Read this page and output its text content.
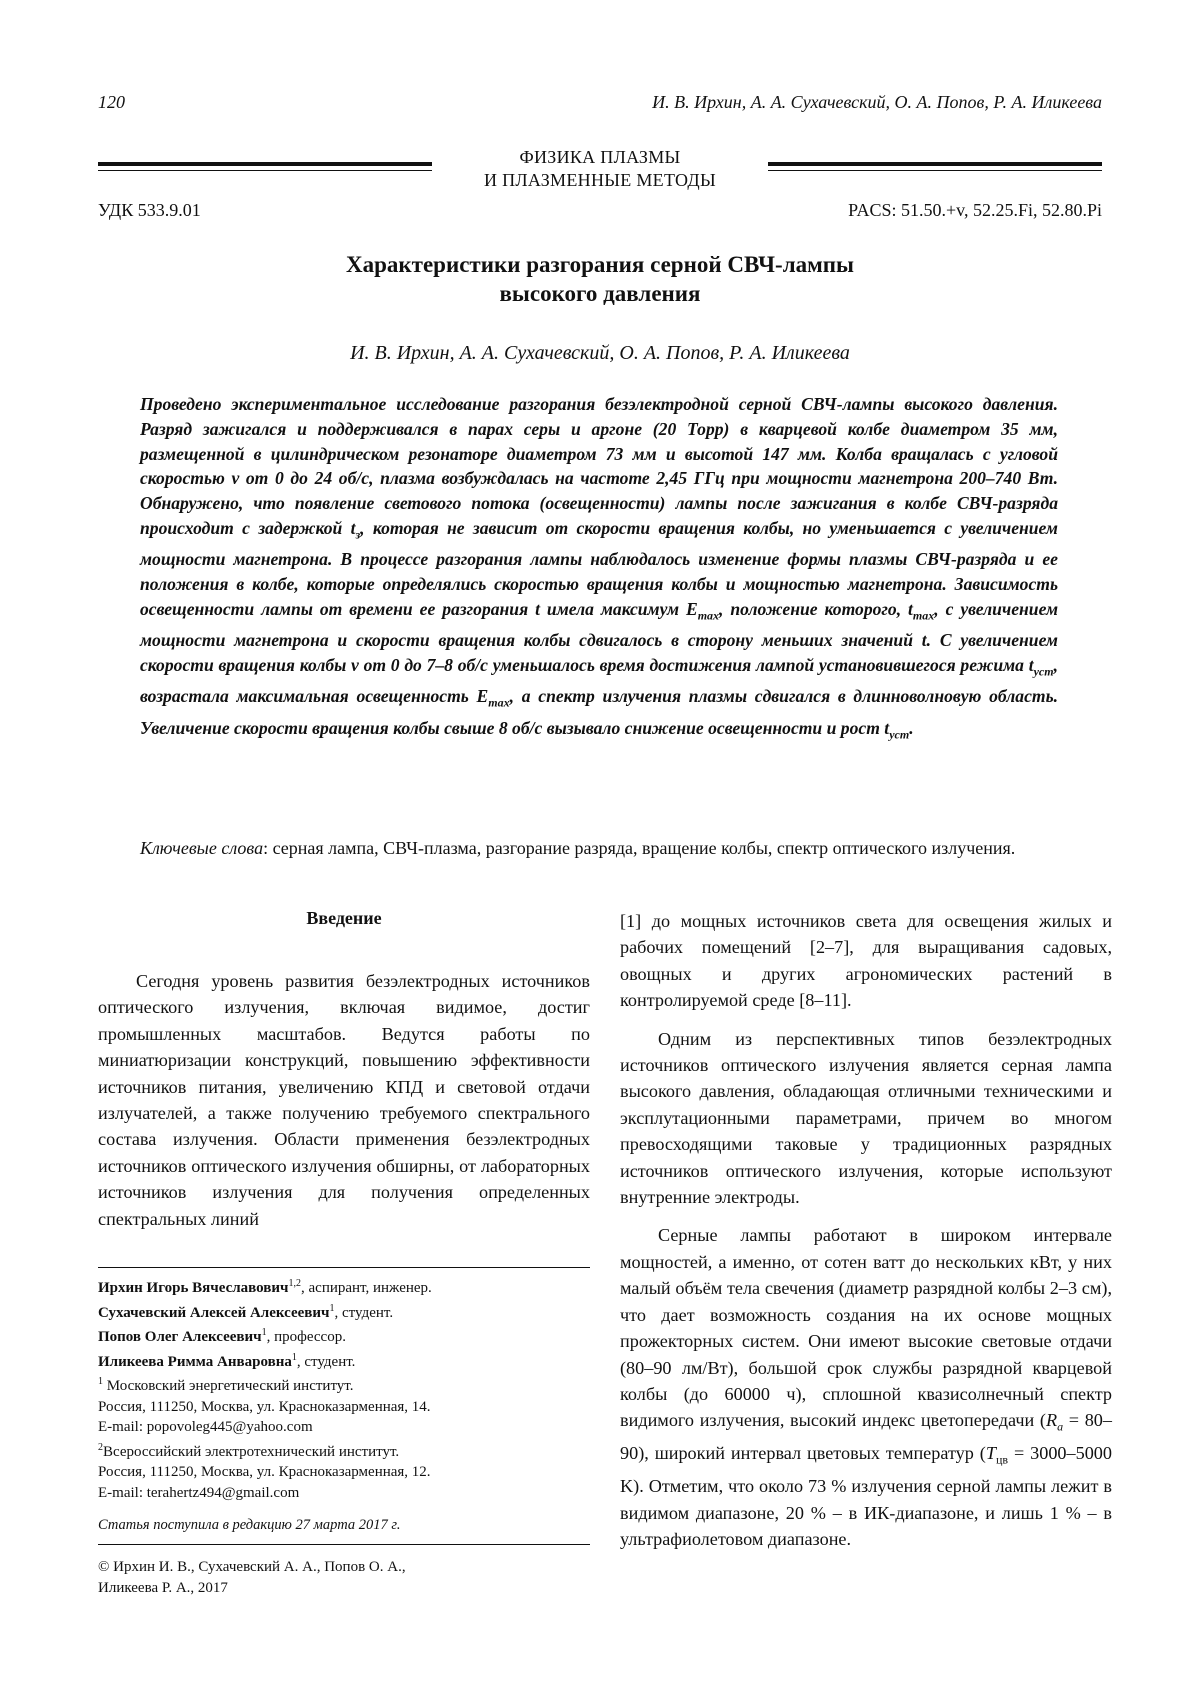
120	И. В. Ирхин, А. А. Сухачевский, О. А. Попов, Р. А. Иликеева
ФИЗИКА ПЛАЗМЫ
И ПЛАЗМЕННЫЕ МЕТОДЫ
УДК 533.9.01	PACS: 51.50.+v, 52.25.Fi, 52.80.Pi
Характеристики разгорания серной СВЧ-лампы
высокого давления
И. В. Ирхин, А. А. Сухачевский, О. А. Попов, Р. А. Иликеева

Проведено экспериментальное исследование разгорания безэлектродной серной СВЧ-лампы высокого давления. Разряд зажигался и поддерживался в парах серы и аргоне (20 Торр) в кварцевой колбе диаметром 35 мм, размещенной в цилиндрическом резонаторе диаметром 73 мм и высотой 147 мм. Колба вращалась с угловой скоростью v от 0 до 24 об/с, плазма возбуждалась на частоте 2,45 ГГц при мощности магнетрона 200–740 Вт. Обнаружено, что появление светового потока (освещенности) лампы после зажигания в колбе СВЧ-разряда происходит с задержкой $t_з$, которая не зависит от скорости вращения колбы, но уменьшается с увеличением мощности магнетрона. В процессе разгорания лампы наблюдалось изменение формы плазмы СВЧ-разряда и ее положения в колбе, которые определялись скоростью вращения колбы и мощностью магнетрона. Зависимость освещенности лампы от времени ее разгорания t имела максимум $E_{max}$, положение которого, $t_{max}$, с увеличением мощности магнетрона и скорости вращения колбы сдвигалось в сторону меньших значений t. С увеличением скорости вращения колбы v от 0 до 7–8 об/с уменьшалось время достижения лампой установившегося режима $t_{уст}$, возрастала максимальная освещенность $E_{max}$, а спектр излучения плазмы сдвигался в длинноволновую область. Увеличение скорости вращения колбы свыше 8 об/с вызывало снижение освещенности и рост $t_{уст}$.

Ключевые слова: серная лампа, СВЧ-плазма, разгорание разряда, вращение колбы, спектр оптического излучения.

Введение

Сегодня уровень развития безэлектродных источников оптического излучения, включая видимое, достиг промышленных масштабов. Ведутся работы по миниатюризации конструкций, повышению эффективности источников питания, увеличению КПД и световой отдачи излучателей, а также получению требуемого спектрального состава излучения. Области применения безэлектродных источников оптического излучения обширны, от лабораторных источников излучения для получения определенных спектральных линий

[1] до мощных источников света для освещения жилых и рабочих помещений [2–7], для выращивания садовых, овощных и других агрономических растений в контролируемой среде [8–11].

Одним из перспективных типов безэлектродных источников оптического излучения является серная лампа высокого давления, обладающая отличными техническими и эксплутационными параметрами, причем во многом превосходящими таковые у традиционных разрядных источников оптического излучения, которые используют внутренние электроды.

Серные лампы работают в широком интервале мощностей, а именно, от сотен ватт до нескольких кВт, у них малый объём тела свечения (диаметр разрядной колбы 2–3 см), что дает возможность создания на их основе мощных прожекторных систем. Они имеют высокие световые отдачи (80–90 лм/Вт), большой срок службы разрядной кварцевой колбы (до 60000 ч), сплошной квазисолнечный спектр видимого излучения, высокий индекс цветопередачи $(R_a = 80-90)$, широкий интервал цветовых температур ($T_{цв} = 3000-5000$ K). Отметим, что около 73 % излучения серной лампы лежит в видимом диапазоне, 20 % – в ИК-диапазоне, и лишь 1 % – в ультрафиолетовом диапазоне.

Ирхин Игорь Вячеславович$^{1,2}$, аспирант, инженер.

Сухачевский Алексей Алексеевич$^1$, студент.

Попов Олег Алексеевич$^1$, профессор.

Иликеева Римма Анваровна$^1$, студент.

$^1$ Московский энергетический институт.

Россия, 111250, Москва, ул. Красноказарменная, 14.

E-mail: popovoleg445@yahoo.com

$^2$Всероссийский электротехнический институт.

Россия, 111250, Москва, ул. Красноказарменная, 12.

E-mail: terahertz494@gmail.com

Статья поступила в редакцию 27 марта 2017 г.
© Ирхин И. В., Сухачевский А. А., Попов О. А.,
Иликеева Р. А., 2017
